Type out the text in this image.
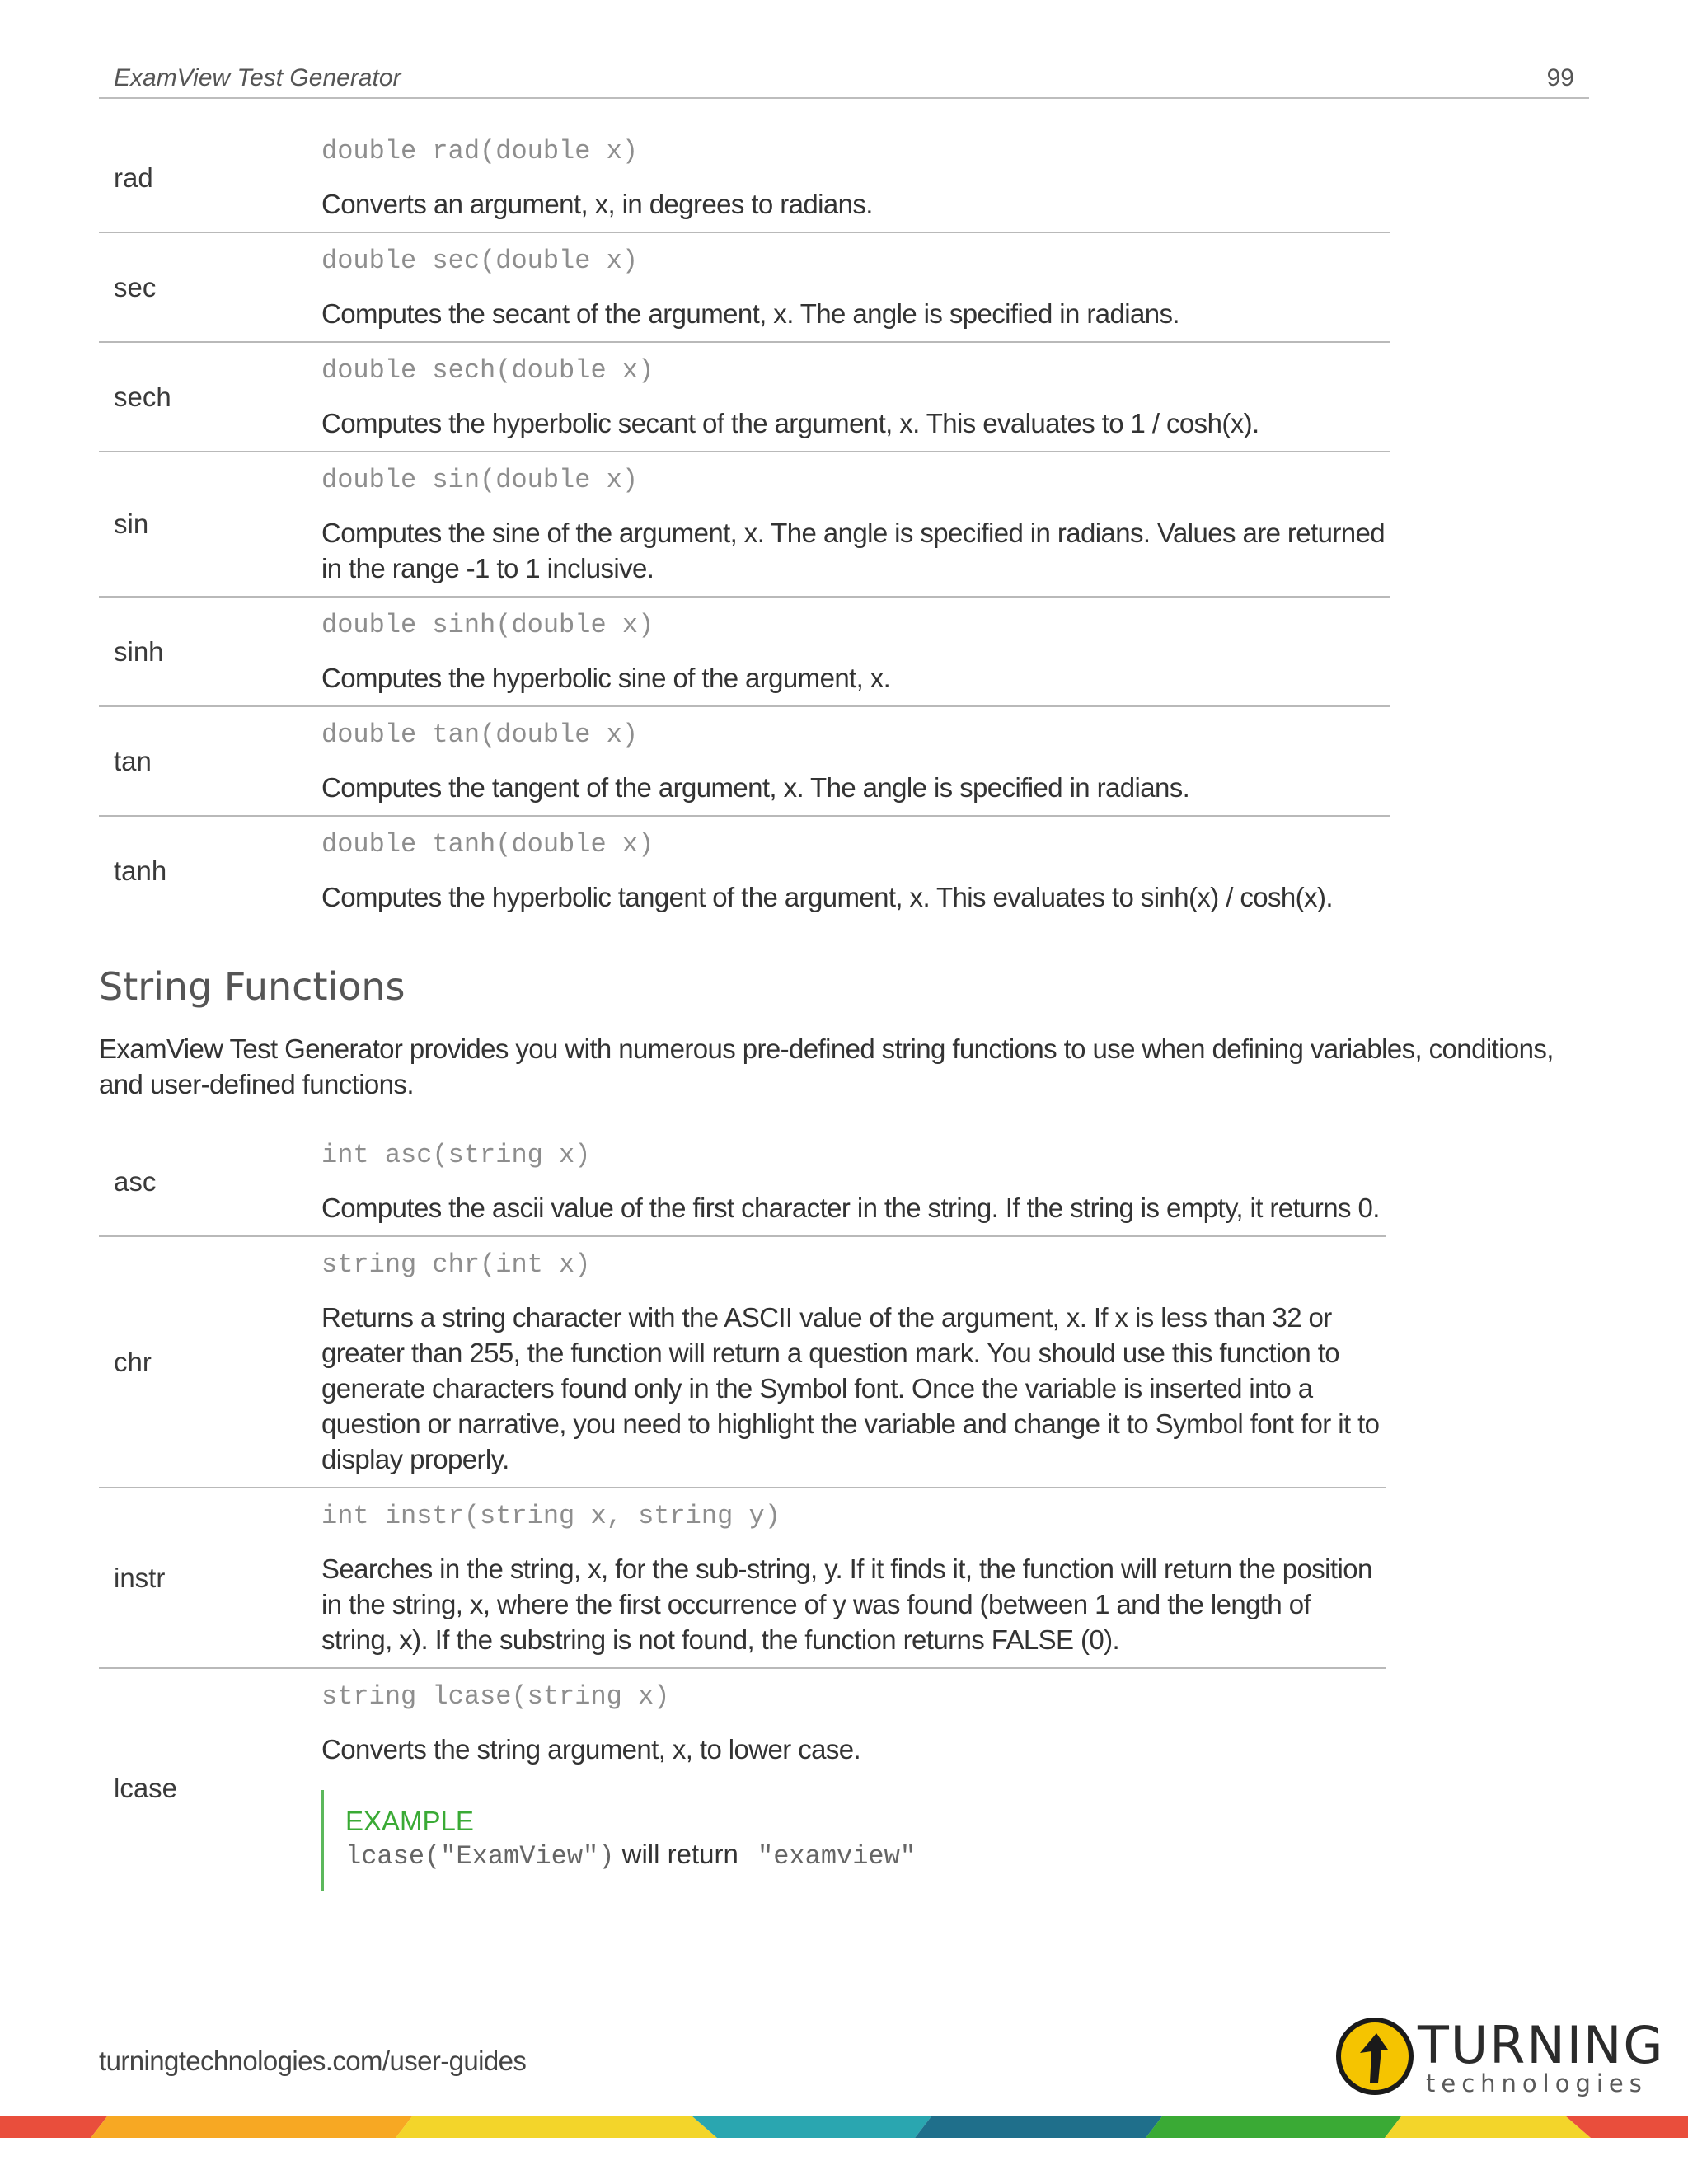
ExamView Test Generator	99
rad
double rad(double x)
Converts an argument, x, in degrees to radians.
sec
double sec(double x)
Computes the secant of the argument, x. The angle is specified in radians.
sech
double sech(double x)
Computes the hyperbolic secant of the argument, x. This evaluates to 1 / cosh(x).
sin
double sin(double x)
Computes the sine of the argument, x. The angle is specified in radians. Values are returned in the range -1 to 1 inclusive.
sinh
double sinh(double x)
Computes the hyperbolic sine of the argument, x.
tan
double tan(double x)
Computes the tangent of the argument, x. The angle is specified in radians.
tanh
double tanh(double x)
Computes the hyperbolic tangent of the argument, x. This evaluates to sinh(x) / cosh(x).
String Functions
ExamView Test Generator provides you with numerous pre-defined string functions to use when defining variables, conditions, and user-defined functions.
asc
int asc(string x)
Computes the ascii value of the first character in the string. If the string is empty, it returns 0.
chr
string chr(int x)
Returns a string character with the ASCII value of the argument, x. If x is less than 32 or greater than 255, the function will return a question mark. You should use this function to generate characters found only in the Symbol font. Once the variable is inserted into a question or narrative, you need to highlight the variable and change it to Symbol font for it to display properly.
instr
int instr(string x, string y)
Searches in the string, x, for the sub-string, y. If it finds it, the function will return the position in the string, x, where the first occurrence of y was found (between 1 and the length of string, x). If the substring is not found, the function returns FALSE (0).
lcase
string lcase(string x)
Converts the string argument, x, to lower case.
EXAMPLE
lcase("ExamView") will return "examview"
turningtechnologies.com/user-guides	TURNING
technologies
